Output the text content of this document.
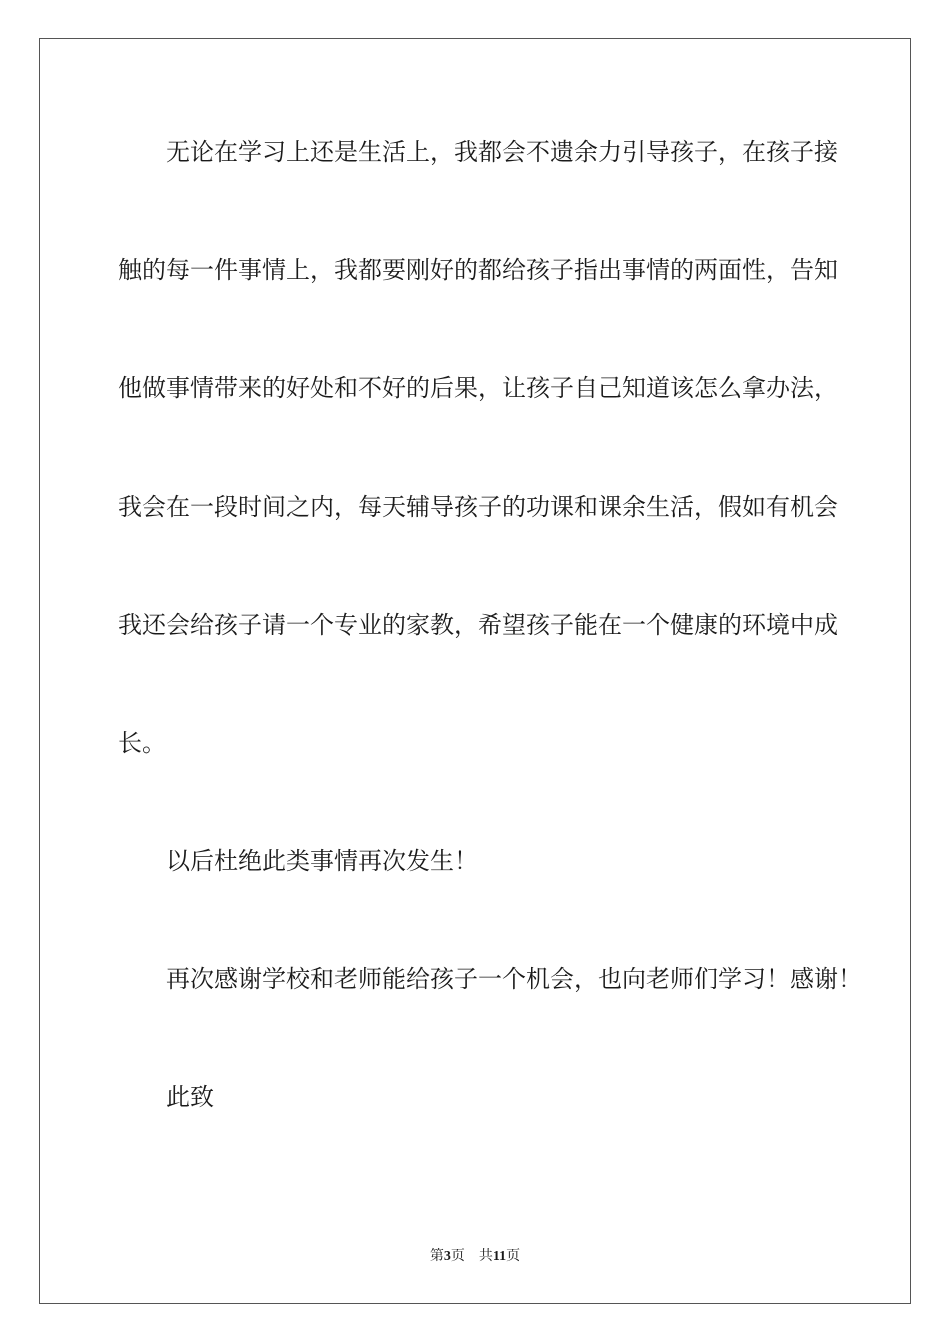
无 论 在 学 习 上 还 是 生 活 上 ， 我 都 会 不 遗 余 力 引 导 孩 子 ， 在 孩 子 接
触 的 每 一 件 事 情 上 ， 我 都 要 刚 好 的 都 给 孩 子 指 出 事 情 的 两 面 性 ， 告 知
他 做 事 情 带 来 的 好 处 和 不 好 的 后 果 ， 让 孩 子 自 己 知 道 该 怎 么 拿 办 法 ，
我 会 在 一 段 时 间 之 内 ， 每 天 辅 导 孩 子 的 功 课 和 课 余 生 活 ， 假 如 有 机 会
我 还 会 给 孩 子 请 一 个 专 业 的 家 教 ， 希 望 孩 子 能 在 一 个 健 康 的 环 境 中 成
长。
以后杜绝此类事情再次发生！
再次感谢学校和老师能给孩子一个机会，也向老师们学习！感谢！
此致
第3页 共11页
